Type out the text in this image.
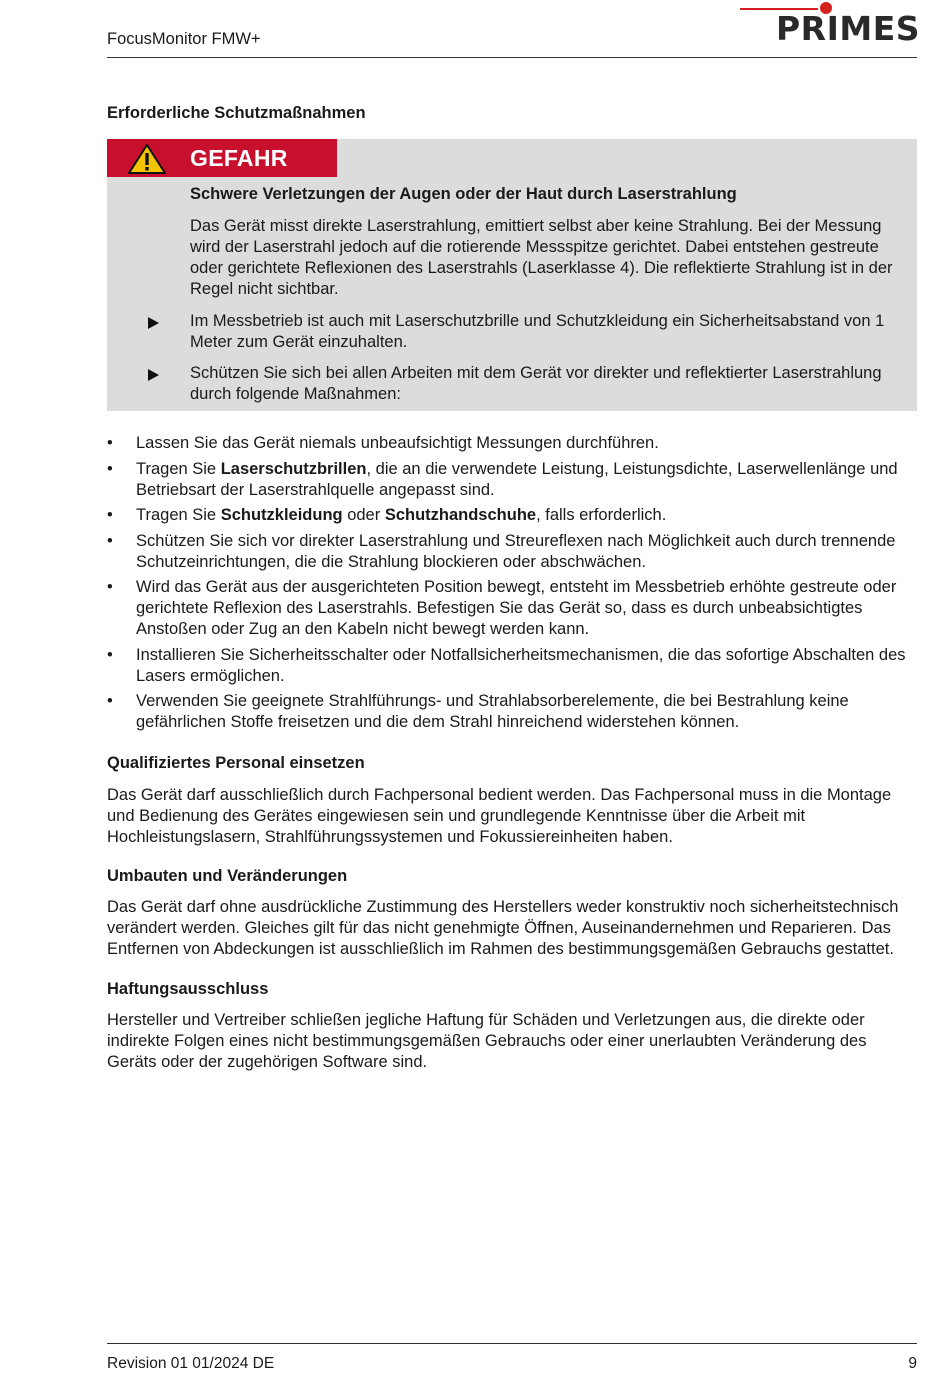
FocusMonitor FMW+	PRIMES
Erforderliche Schutzmaßnahmen
GEFAHR
Schwere Verletzungen der Augen oder der Haut durch Laserstrahlung

Das Gerät misst direkte Laserstrahlung, emittiert selbst aber keine Strahlung. Bei der Messung wird der Laserstrahl jedoch auf die rotierende Messspitze gerichtet. Dabei entstehen gestreute oder gerichtete Reflexionen des Laserstrahls (Laserklasse 4). Die reflektierte Strahlung ist in der Regel nicht sichtbar.

Im Messbetrieb ist auch mit Laserschutzbrille und Schutzkleidung ein Sicherheitsabstand von 1 Meter zum Gerät einzuhalten.

Schützen Sie sich bei allen Arbeiten mit dem Gerät vor direkter und reflektierter Laserstrahlung durch folgende Maßnahmen:

• Lassen Sie das Gerät niemals unbeaufsichtigt Messungen durchführen.
• Tragen Sie Laserschutzbrillen, die an die verwendete Leistung, Leistungsdichte, Laserwellenlänge und Betriebsart der Laserstrahlquelle angepasst sind.
• Tragen Sie Schutzkleidung oder Schutzhandschuhe, falls erforderlich.
• Schützen Sie sich vor direkter Laserstrahlung und Streureflexen nach Möglichkeit auch durch trennende Schutzeinrichtungen, die die Strahlung blockieren oder abschwächen.
• Wird das Gerät aus der ausgerichteten Position bewegt, entsteht im Messbetrieb erhöhte gestreute oder gerichtete Reflexion des Laserstrahls. Befestigen Sie das Gerät so, dass es durch unbeabsichtigtes Anstoßen oder Zug an den Kabeln nicht bewegt werden kann.
• Installieren Sie Sicherheitsschalter oder Notfallsicherheitsmechanismen, die das sofortige Abschalten des Lasers ermöglichen.
• Verwenden Sie geeignete Strahlführungs- und Strahlabsorberelemente, die bei Bestrahlung keine gefährlichen Stoffe freisetzen und die dem Strahl hinreichend widerstehen können.
Qualifiziertes Personal einsetzen

Das Gerät darf ausschließlich durch Fachpersonal bedient werden. Das Fachpersonal muss in die Montage und Bedienung des Gerätes eingewiesen sein und grundlegende Kenntnisse über die Arbeit mit Hochleistungslasern, Strahlführungssystemen und Fokussiereinheiten haben.

Umbauten und Veränderungen

Das Gerät darf ohne ausdrückliche Zustimmung des Herstellers weder konstruktiv noch sicherheitstechnisch verändert werden. Gleiches gilt für das nicht genehmigte Öffnen, Auseinandernehmen und Reparieren. Das Entfernen von Abdeckungen ist ausschließlich im Rahmen des bestimmungsgemäßen Gebrauchs gestattet.

Haftungsausschluss

Hersteller und Vertreiber schließen jegliche Haftung für Schäden und Verletzungen aus, die direkte oder indirekte Folgen eines nicht bestimmungsgemäßen Gebrauchs oder einer unerlaubten Veränderung des Geräts oder der zugehörigen Software sind.

Revision 01 01/2024 DE	9
